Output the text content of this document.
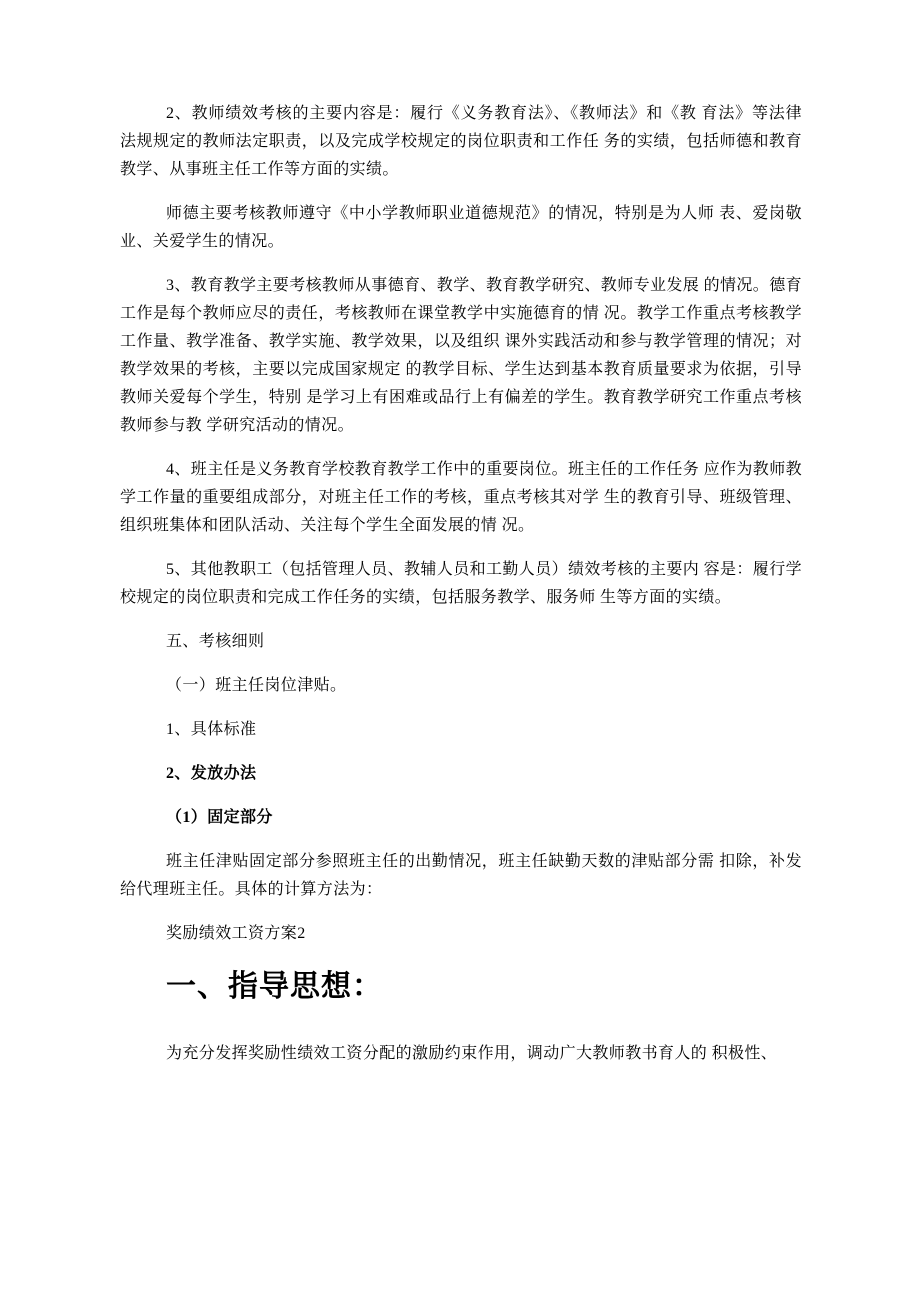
2、教师绩效考核的主要内容是：履行《义务教育法》、《教师法》和《教 育法》等法律法规规定的教师法定职责，以及完成学校规定的岗位职责和工作任 务的实绩，包括师德和教育教学、从事班主任工作等方面的实绩。

师德主要考核教师遵守《中小学教师职业道德规范》的情况，特别是为人师 表、爱岗敬业、关爱学生的情况。

3、教育教学主要考核教师从事德育、教学、教育教学研究、教师专业发展 的情况。德育工作是每个教师应尽的责任，考核教师在课堂教学中实施德育的情 况。教学工作重点考核教学工作量、教学准备、教学实施、教学效果，以及组织 课外实践活动和参与教学管理的情况；对教学效果的考核，主要以完成国家规定 的教学目标、学生达到基本教育质量要求为依据，引导教师关爱每个学生，特别 是学习上有困难或品行上有偏差的学生。教育教学研究工作重点考核教师参与教 学研究活动的情况。

4、班主任是义务教育学校教育教学工作中的重要岗位。班主任的工作任务 应作为教师教学工作量的重要组成部分，对班主任工作的考核，重点考核其对学 生的教育引导、班级管理、组织班集体和团队活动、关注每个学生全面发展的情 况。

5、其他教职工（包括管理人员、教辅人员和工勤人员）绩效考核的主要内 容是：履行学校规定的岗位职责和完成工作任务的实绩，包括服务教学、服务师 生等方面的实绩。

五、考核细则

（一）班主任岗位津贴。

1、具体标准

2、发放办法

（1）固定部分

班主任津贴固定部分参照班主任的出勤情况，班主任缺勤天数的津贴部分需 扣除，补发给代理班主任。具体的计算方法为：

奖励绩效工资方案2

一、指导思想：

为充分发挥奖励性绩效工资分配的激励约束作用，调动广大教师教书育人的 积极性、
